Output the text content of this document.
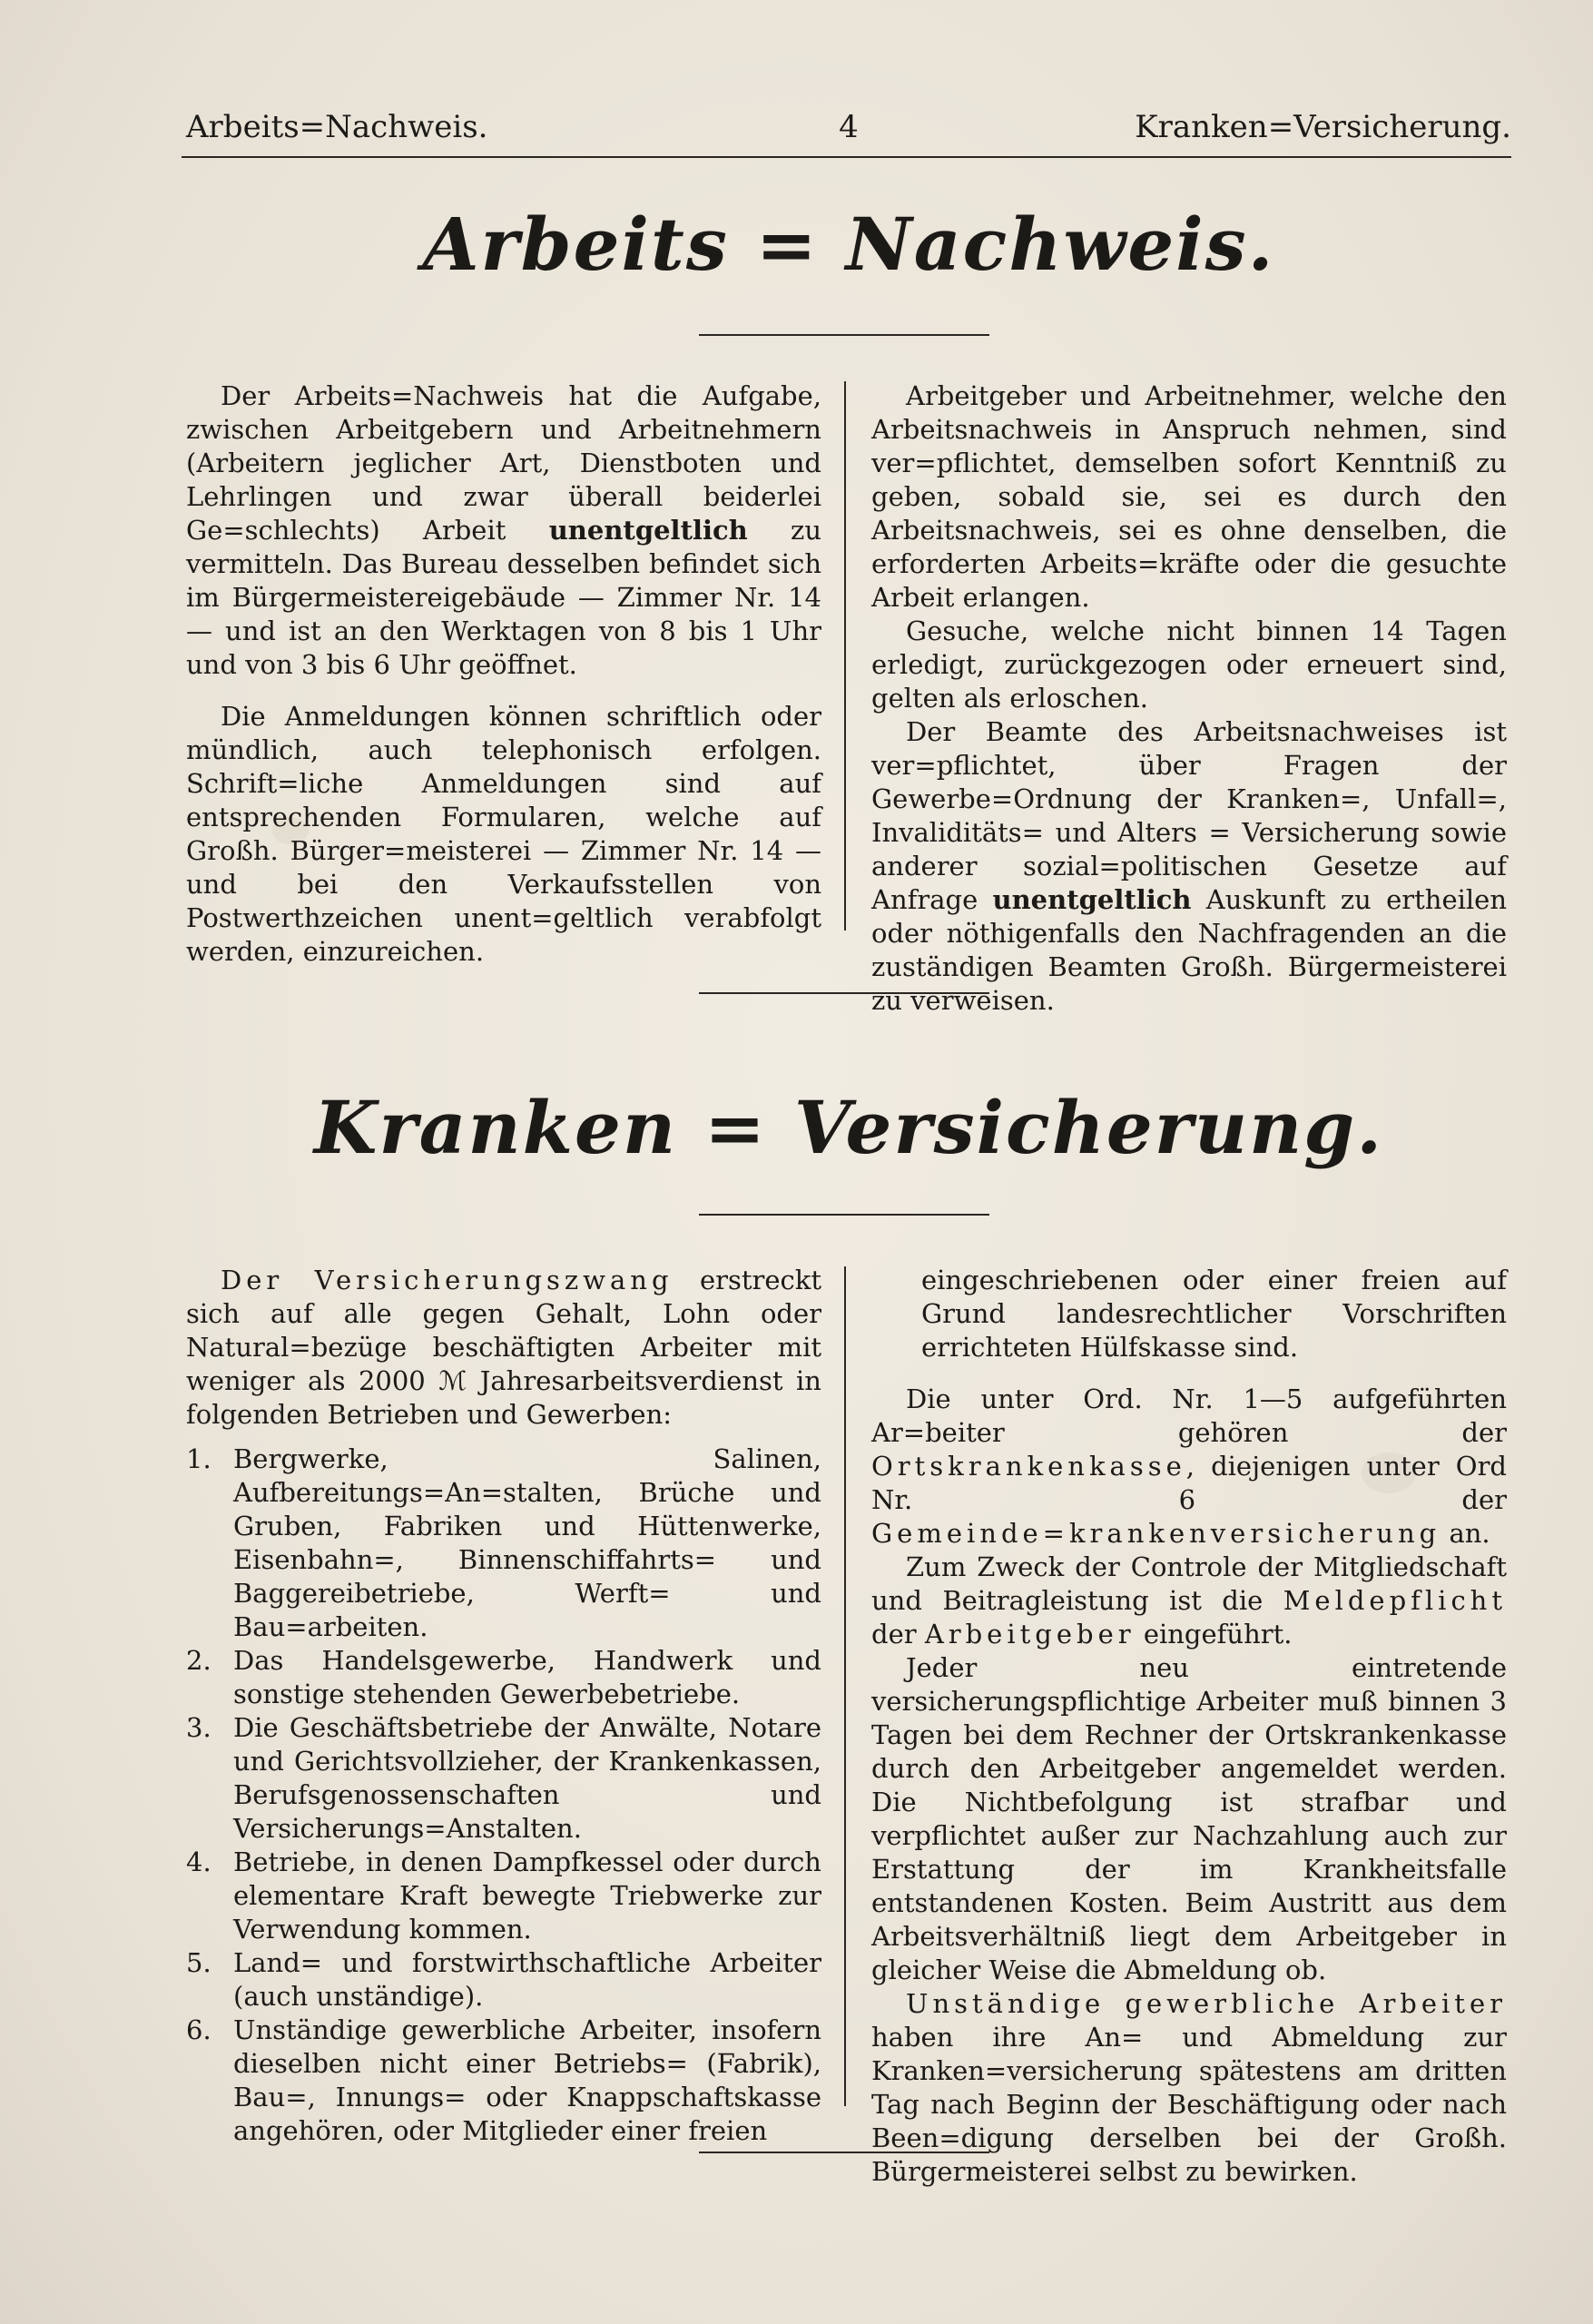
Arbeits=Nachweis.	4	Kranken=Versicherung.
Arbeits = Nachweis.

Der Arbeits=Nachweis hat die Aufgabe, zwischen Arbeitgebern und Arbeitnehmern (Arbeitern jeglicher Art, Dienstboten und Lehrlingen und zwar überall beiderlei Ge=schlechts) Arbeit unentgeltlich zu vermitteln. Das Bureau desselben befindet sich im Bürgermeistereigebäude — Zimmer Nr. 14 — und ist an den Werktagen von 8 bis 1 Uhr und von 3 bis 6 Uhr geöffnet.

Die Anmeldungen können schriftlich oder mündlich, auch telephonisch erfolgen. Schrift=liche Anmeldungen sind auf entsprechenden Formularen, welche auf Großh. Bürger=meisterei — Zimmer Nr. 14 — und bei den Verkaufsstellen von Postwerthzeichen unent=geltlich verabfolgt werden, einzureichen.

Arbeitgeber und Arbeitnehmer, welche den Arbeitsnachweis in Anspruch nehmen, sind ver=pflichtet, demselben sofort Kenntniß zu geben, sobald sie, sei es durch den Arbeitsnachweis, sei es ohne denselben, die erforderten Arbeits=kräfte oder die gesuchte Arbeit erlangen.

Gesuche, welche nicht binnen 14 Tagen erledigt, zurückgezogen oder erneuert sind, gelten als erloschen.

Der Beamte des Arbeitsnachweises ist ver=pflichtet, über Fragen der Gewerbe=Ordnung der Kranken=, Unfall=, Invaliditäts= und Alters = Versicherung sowie anderer sozial=politischen Gesetze auf Anfrage unentgeltlich Auskunft zu ertheilen oder nöthigenfalls den Nachfragenden an die zuständigen Beamten Großh. Bürgermeisterei zu verweisen.

Kranken = Versicherung.

Der Versicherungszwang erstreckt sich auf alle gegen Gehalt, Lohn oder Natural=bezüge beschäftigten Arbeiter mit weniger als 2000 ℳ Jahresarbeitsverdienst in folgenden Betrieben und Gewerben:

1. Bergwerke, Salinen, Aufbereitungs=An=stalten, Brüche und Gruben, Fabriken und Hüttenwerke, Eisenbahn=, Binnenschiffahrts= und Baggereibetriebe, Werft= und Bau=arbeiten.
2. Das Handelsgewerbe, Handwerk und sonstige stehenden Gewerbebetriebe.
3. Die Geschäftsbetriebe der Anwälte, Notare und Gerichtsvollzieher, der Krankenkassen, Berufsgenossenschaften und Versicherungs=Anstalten.
4. Betriebe, in denen Dampfkessel oder durch elementare Kraft bewegte Triebwerke zur Verwendung kommen.
5. Land= und forstwirthschaftliche Arbeiter (auch unständige).
6. Unständige gewerbliche Arbeiter, insofern dieselben nicht einer Betriebs= (Fabrik), Bau=, Innungs= oder Knappschaftskasse angehören, oder Mitglieder einer freien

eingeschriebenen oder einer freien auf Grund landesrechtlicher Vorschriften errichteten Hülfskasse sind.

Die unter Ord. Nr. 1—5 aufgeführten Ar=beiter gehören der Ortskrankenkasse, diejenigen unter Ord Nr. 6 der Gemeinde=krankenversicherung an.

Zum Zweck der Controle der Mitgliedschaft und Beitragleistung ist die Meldepflicht der Arbeitgeber eingeführt.

Jeder neu eintretende versicherungspflichtige Arbeiter muß binnen 3 Tagen bei dem Rechner der Ortskrankenkasse durch den Arbeitgeber angemeldet werden. Die Nichtbefolgung ist strafbar und verpflichtet außer zur Nachzahlung auch zur Erstattung der im Krankheitsfalle entstandenen Kosten. Beim Austritt aus dem Arbeitsverhältniß liegt dem Arbeitgeber in gleicher Weise die Abmeldung ob.

Unständige gewerbliche Arbeiter haben ihre An= und Abmeldung zur Kranken=versicherung spätestens am dritten Tag nach Beginn der Beschäftigung oder nach Been=digung derselben bei der Großh. Bürgermeisterei selbst zu bewirken.
